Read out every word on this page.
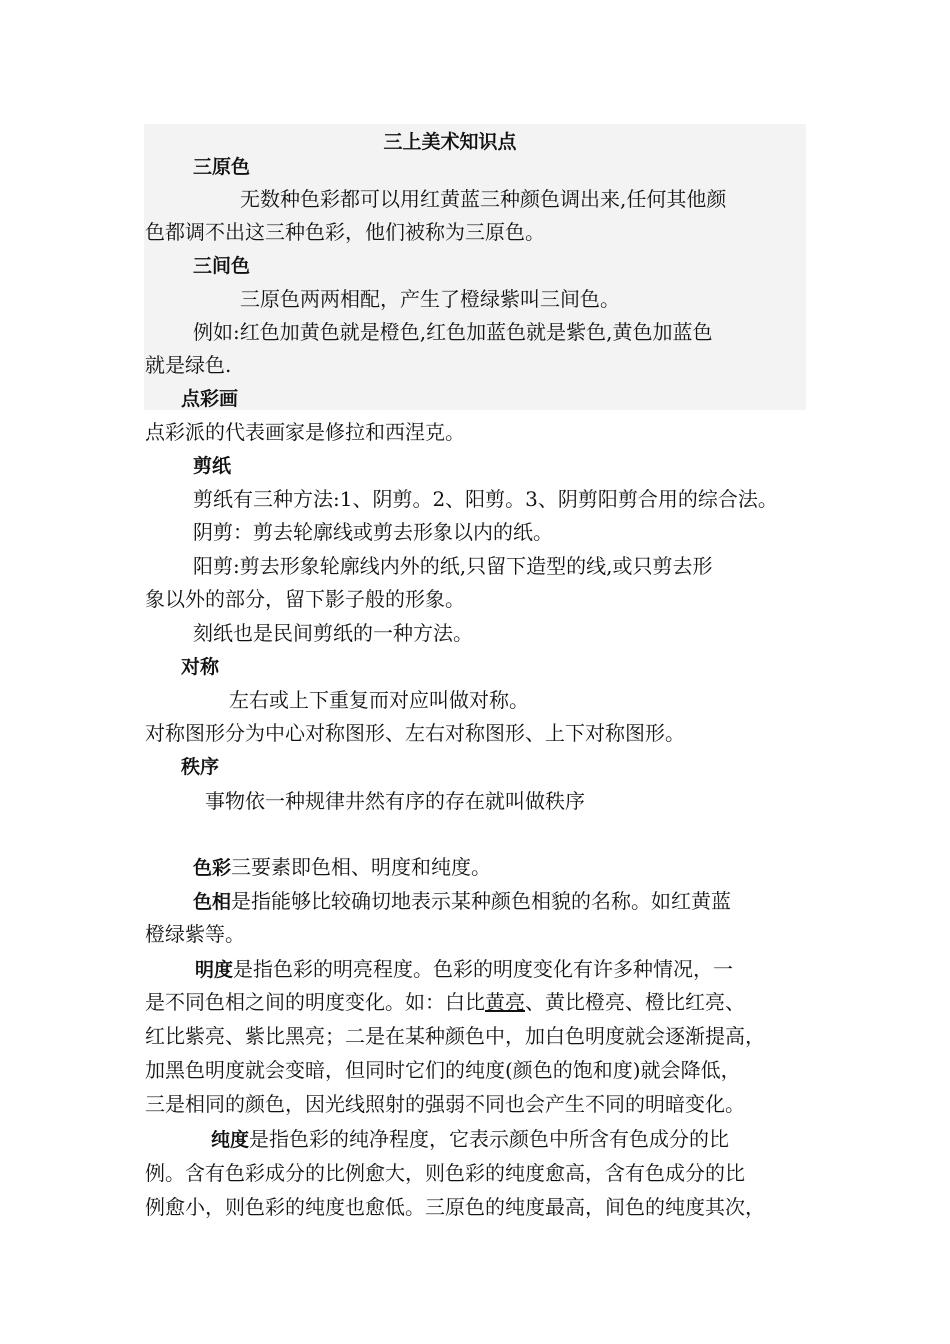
三上美术知识点
三原色
无数种色彩都可以用红黄蓝三种颜色调出来,任何其他颜
色都调不出这三种色彩，他们被称为三原色。
三间色
三原色两两相配，产生了橙绿紫叫三间色。
例如:红色加黄色就是橙色,红色加蓝色就是紫色,黄色加蓝色
就是绿色.
点彩画
点彩派的代表画家是修拉和西涅克。
剪纸
剪纸有三种方法:1、阴剪。2、阳剪。3、阴剪阳剪合用的综合法。
阴剪：剪去轮廓线或剪去形象以内的纸。
阳剪:剪去形象轮廓线内外的纸,只留下造型的线,或只剪去形
象以外的部分，留下影子般的形象。
刻纸也是民间剪纸的一种方法。
对称
左右或上下重复而对应叫做对称。
对称图形分为中心对称图形、左右对称图形、上下对称图形。
秩序
事物依一种规律井然有序的存在就叫做秩序
色彩三要素即色相、明度和纯度。
色相是指能够比较确切地表示某种颜色相貌的名称。如红黄蓝
橙绿紫等。
明度是指色彩的明亮程度。色彩的明度变化有许多种情况，一
是不同色相之间的明度变化。如：白比黄亮、黄比橙亮、橙比红亮、
红比紫亮、紫比黑亮；二是在某种颜色中，加白色明度就会逐渐提高，
加黑色明度就会变暗，但同时它们的纯度(颜色的饱和度)就会降低，
三是相同的颜色，因光线照射的强弱不同也会产生不同的明暗变化。
纯度是指色彩的纯净程度，它表示颜色中所含有色成分的比
例。含有色彩成分的比例愈大，则色彩的纯度愈高，含有色成分的比
例愈小，则色彩的纯度也愈低。三原色的纯度最高，间色的纯度其次，
